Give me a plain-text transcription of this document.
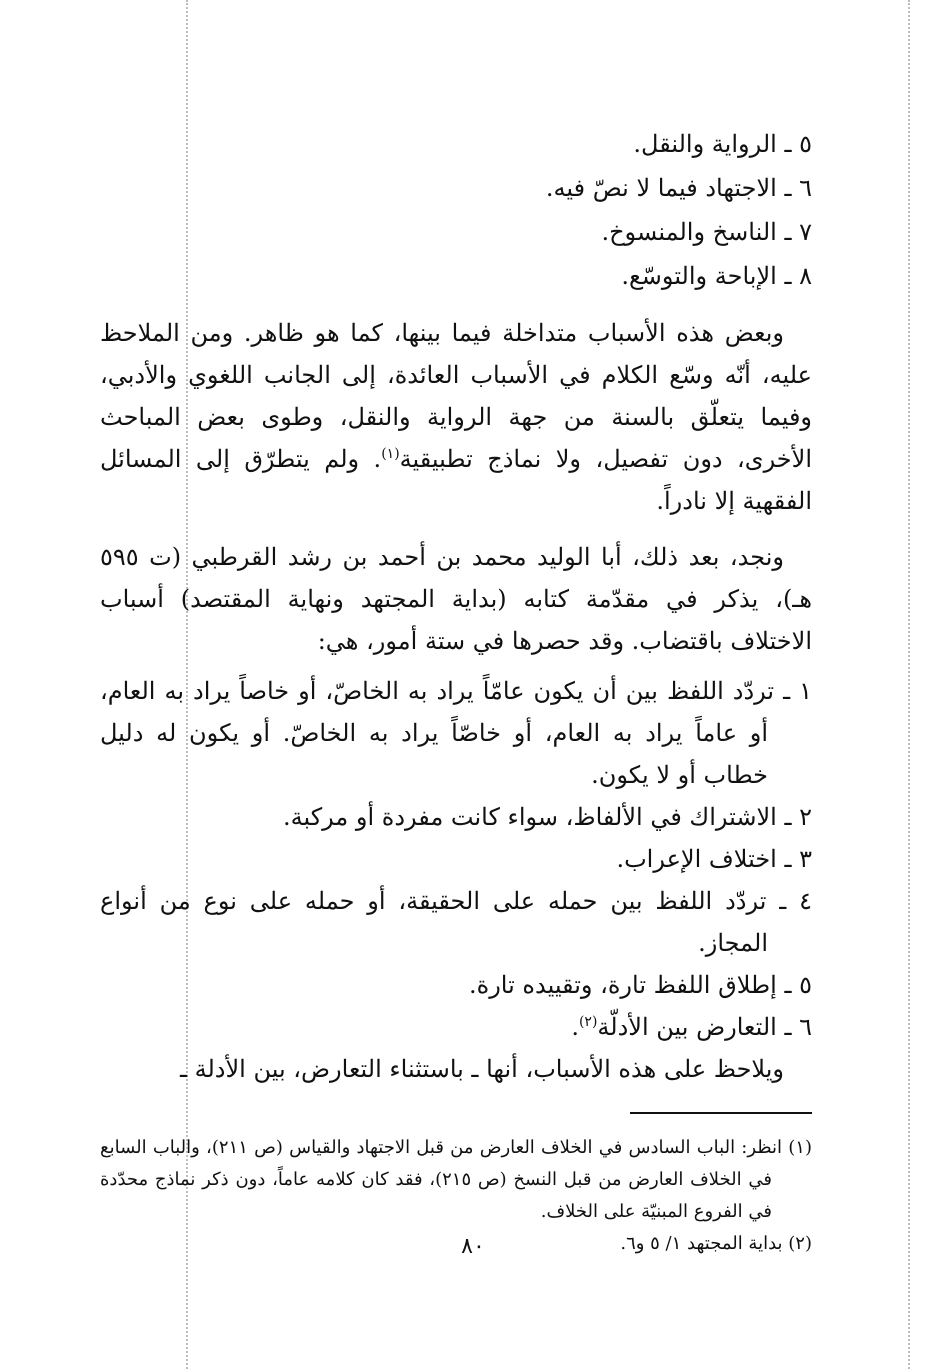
٥ ـ الرواية والنقل.
٦ ـ الاجتهاد فيما لا نصّ فيه.
٧ ـ الناسخ والمنسوخ.
٨ ـ الإباحة والتوسّع.

وبعض هذه الأسباب متداخلة فيما بينها، كما هو ظاهر. ومن الملاحظ عليه، أنّه وسّع الكلام في الأسباب العائدة، إلى الجانب اللغوي والأدبي، وفيما يتعلّق بالسنة من جهة الرواية والنقل، وطوى بعض المباحث الأخرى، دون تفصيل، ولا نماذج تطبيقية$^{(١)}$. ولم يتطرّق إلى المسائل الفقهية إلا نادراً.

ونجد، بعد ذلك، أبا الوليد محمد بن أحمد بن رشد القرطبي (ت ٥٩٥ هـ)، يذكر في مقدّمة كتابه (بداية المجتهد ونهاية المقتصد) أسباب الاختلاف باقتضاب. وقد حصرها في ستة أمور، هي:

١ ـ تردّد اللفظ بين أن يكون عامّاً يراد به الخاصّ، أو خاصاً يراد به العام، أو عاماً يراد به العام، أو خاصّاً يراد به الخاصّ. أو يكون له دليل خطاب أو لا يكون.
٢ ـ الاشتراك في الألفاظ، سواء كانت مفردة أو مركبة.
٣ ـ اختلاف الإعراب.
٤ ـ تردّد اللفظ بين حمله على الحقيقة، أو حمله على نوع من أنواع المجاز.
٥ ـ إطلاق اللفظ تارة، وتقييده تارة.
٦ ـ التعارض بين الأدلّة$^{(٢)}$.

ويلاحظ على هذه الأسباب، أنها ـ باستثناء التعارض، بين الأدلة ـ

(١) انظر: الباب السادس في الخلاف العارض من قبل الاجتهاد والقياس (ص ٢١١)، والباب السابع في الخلاف العارض من قبل النسخ (ص ٢١٥)، فقد كان كلامه عاماً، دون ذكر نماذج محدّدة في الفروع المبنيّة على الخلاف.
(٢) بداية المجتهد ١/ ٥ و٦.
٨٠
